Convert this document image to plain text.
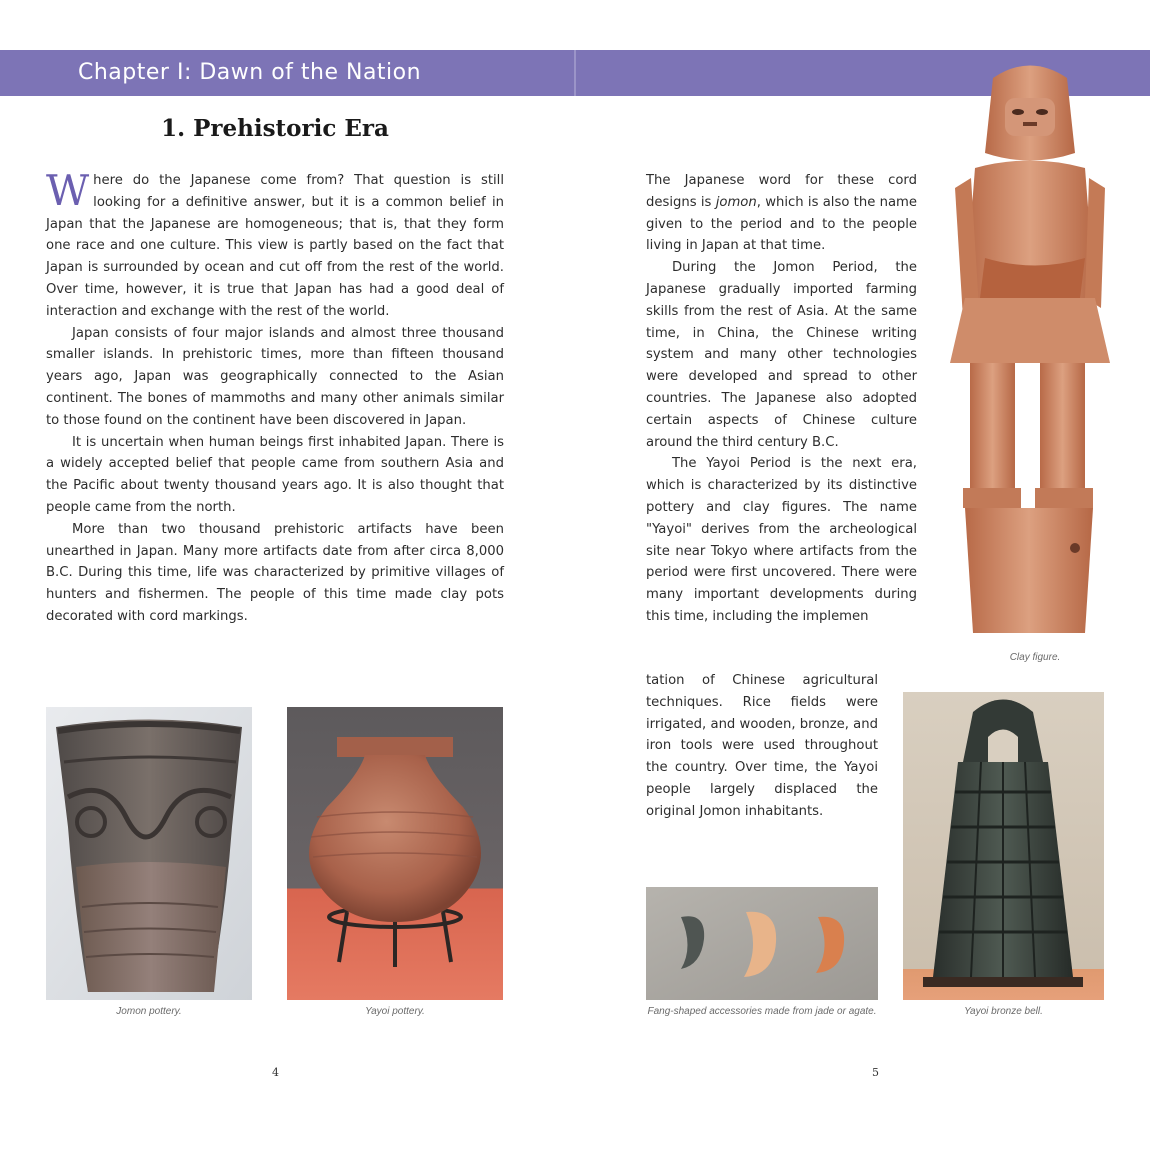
Chapter I: Dawn of the Nation
1. Prehistoric Era

Where do the Japanese come from? That question is still looking for a definitive answer, but it is a common belief in Japan that the Japanese are homogeneous; that is, that they form one race and one culture. This view is partly based on the fact that Japan is surrounded by ocean and cut off from the rest of the world. Over time, however, it is true that Japan has had a good deal of interaction and exchange with the rest of the world.

Japan consists of four major islands and almost three thousand smaller islands. In prehistoric times, more than fifteen thousand years ago, Japan was geographically connected to the Asian continent. The bones of mammoths and many other animals similar to those found on the continent have been discovered in Japan.

It is uncertain when human beings first inhabited Japan. There is a widely accepted belief that people came from southern Asia and the Pacific about twenty thousand years ago. It is also thought that people came from the north.

More than two thousand prehistoric artifacts have been unearthed in Japan. Many more artifacts date from after circa 8,000 B.C. During this time, life was characterized by primitive villages of hunters and fishermen. The people of this time made clay pots decorated with cord markings.

Jomon pottery.	Yayoi pottery.
4

The Japanese word for these cord designs is jomon, which is also the name given to the period and to the people living in Japan at that time.

During the Jomon Period, the Japanese gradually imported farming skills from the rest of Asia. At the same time, in China, the Chinese writing system and many other technologies were developed and spread to other countries. The Japanese also adopted certain aspects of Chinese culture around the third century B.C.

The Yayoi Period is the next era, which is characterized by its distinctive pottery and clay figures. The name "Yayoi" derives from the archeological site near Tokyo where artifacts from the period were first uncovered. There were many important developments during this time, including the implemen

tation of Chinese agricultural techniques. Rice fields were irrigated, and wooden, bronze, and iron tools were used throughout the country. Over time, the Yayoi people largely displaced the original Jomon inhabitants.

Clay figure.
Yayoi bronze bell.
Fang-shaped accessories made from jade or agate.
5
